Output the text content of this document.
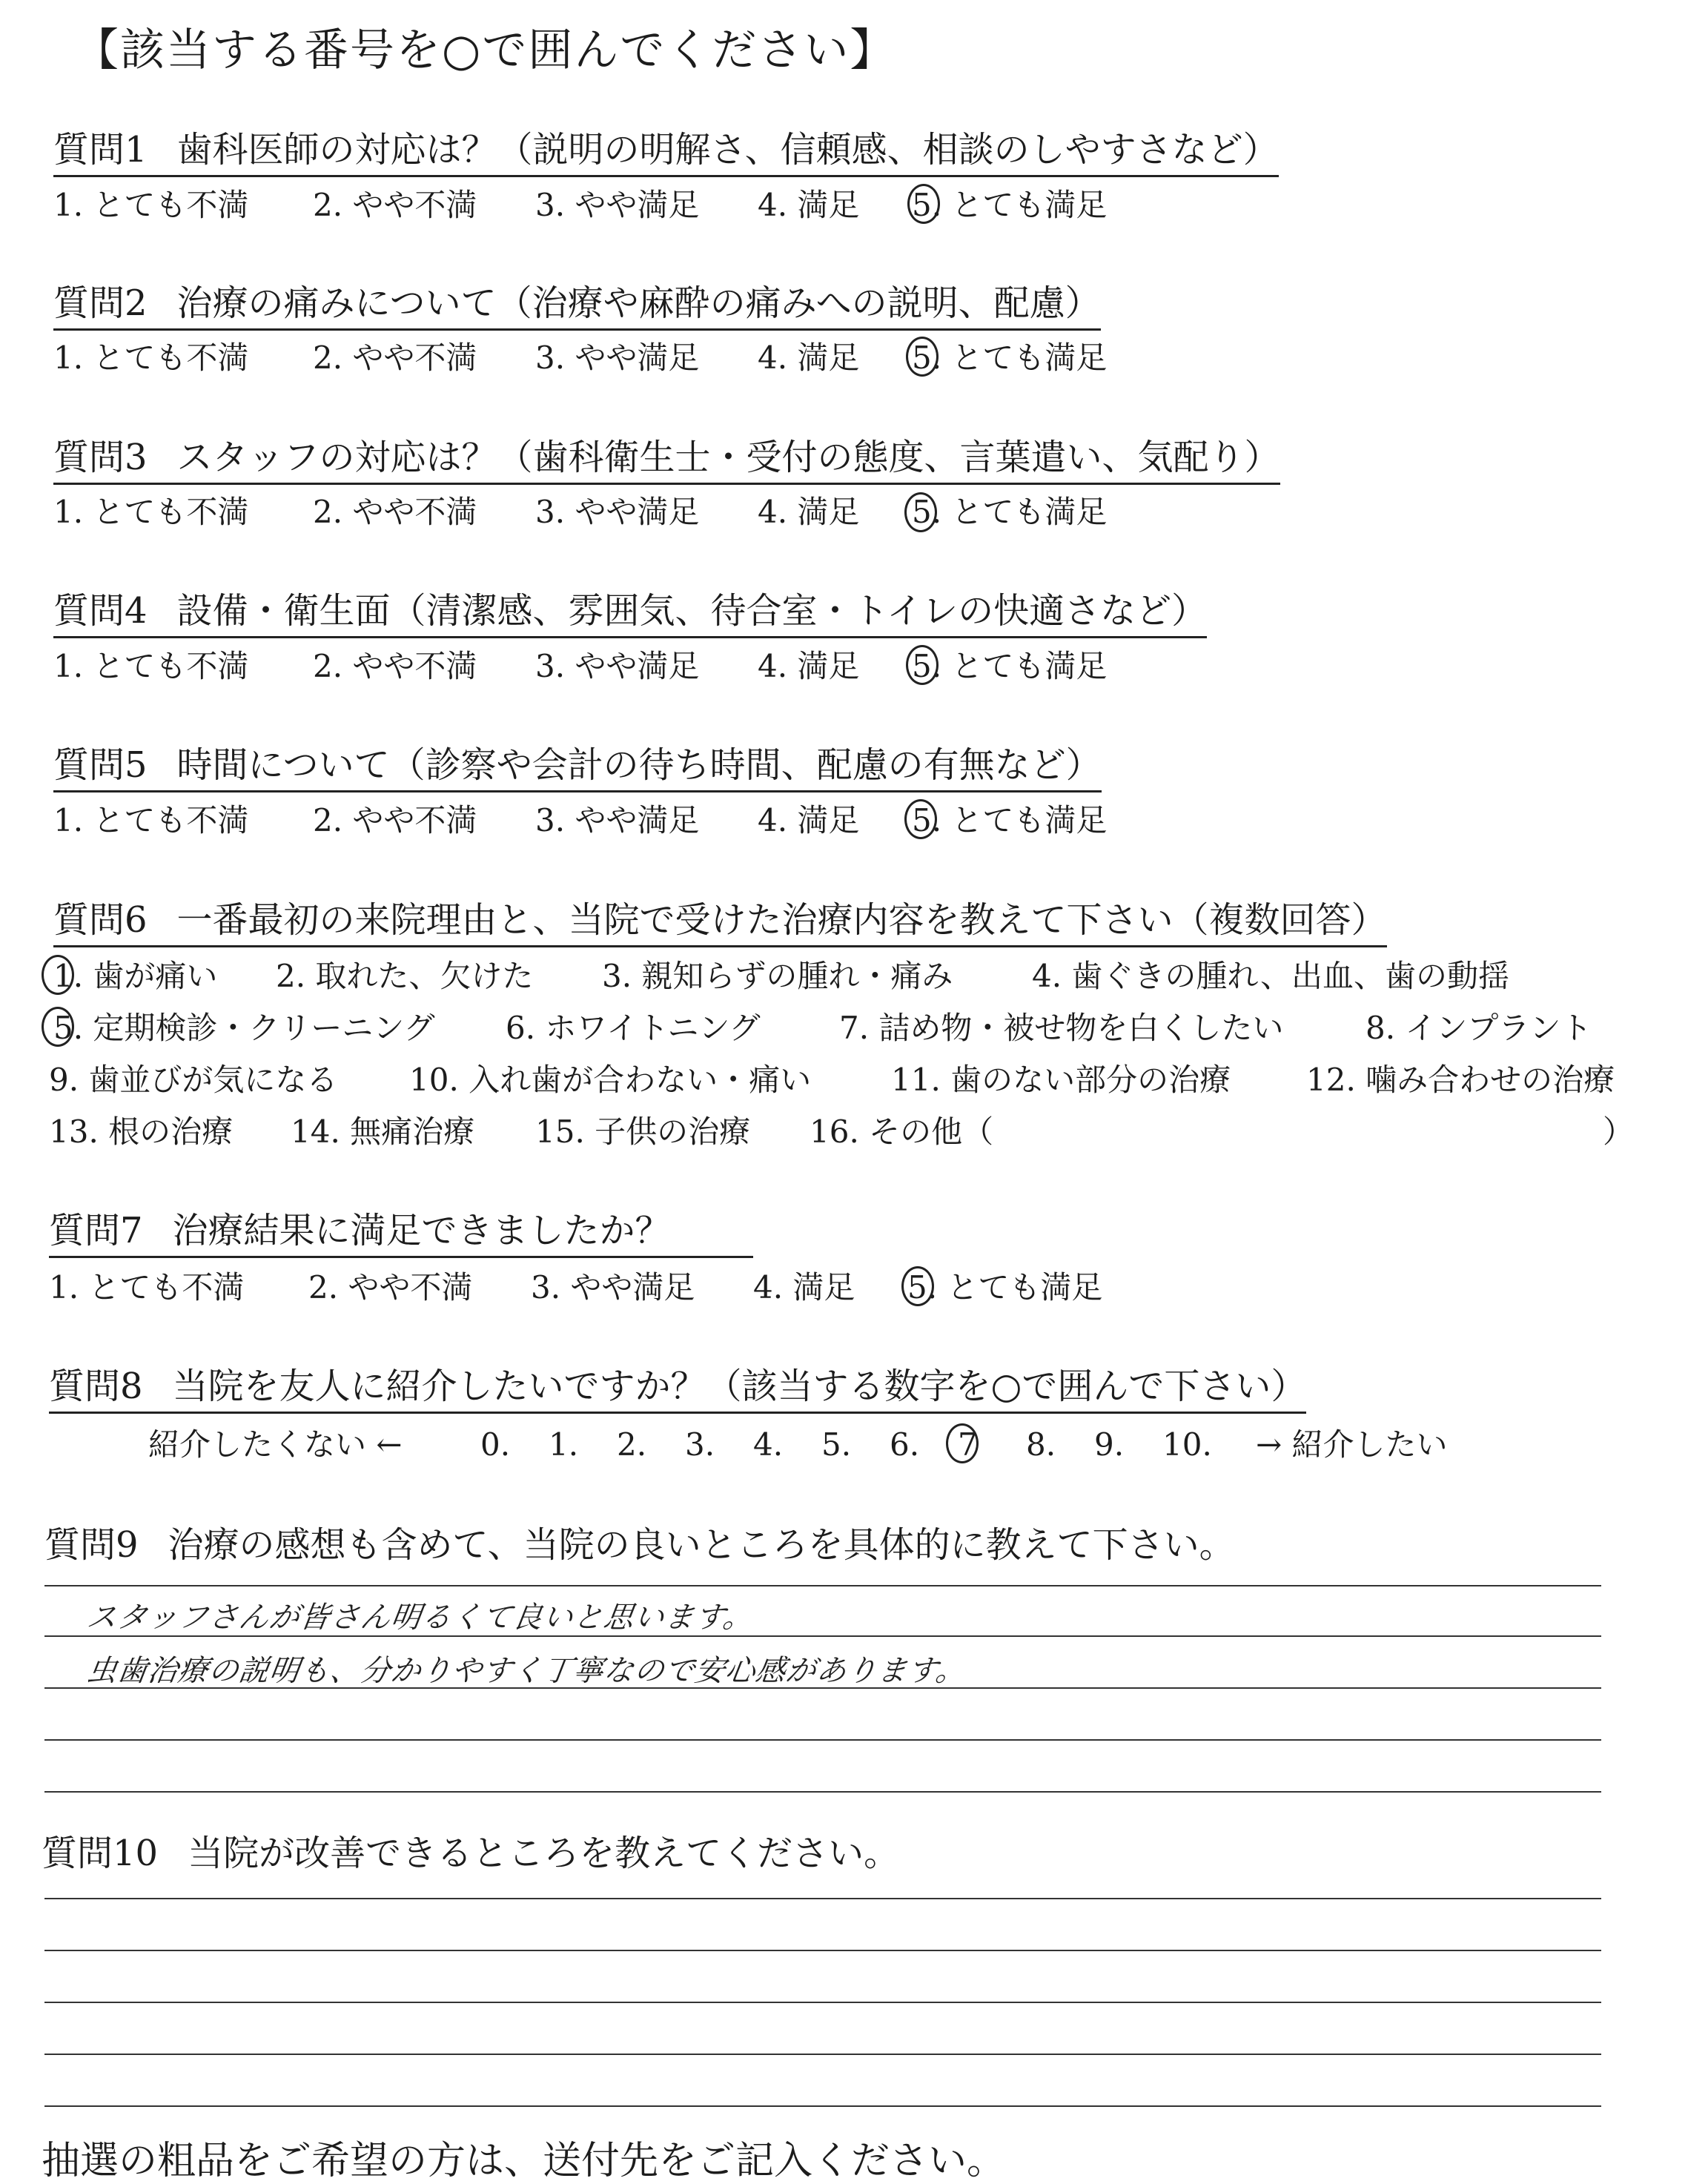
【該当する番号を○で囲んでください】
質問1 歯科医師の対応は？（説明の明解さ、信頼感、相談のしやすさなど）
1. とても不満 2. やや不満 3. やや満足 4. 満足 5. とても満足
質問2 治療の痛みについて（治療や麻酔の痛みへの説明、配慮）
1. とても不満 2. やや不満 3. やや満足 4. 満足 5. とても満足
質問3 スタッフの対応は？（歯科衛生士・受付の態度、言葉遣い、気配り）
1. とても不満 2. やや不満 3. やや満足 4. 満足 5. とても満足
質問4 設備・衛生面（清潔感、雰囲気、待合室・トイレの快適さなど）
1. とても不満 2. やや不満 3. やや満足 4. 満足 5. とても満足
質問5 時間について（診察や会計の待ち時間、配慮の有無など）
1. とても不満 2. やや不満 3. やや満足 4. 満足 5. とても満足
質問6 一番最初の来院理由と、当院で受けた治療内容を教えて下さい（複数回答）
1. 歯が痛い 2. 取れた、欠けた 3. 親知らずの腫れ・痛み	4. 歯ぐきの腫れ、出血、歯の動揺
5. 定期検診・クリーニング 6. ホワイトニング	7. 詰め物・被せ物を白くしたい	8. インプラント
9. 歯並びが気になる 10. 入れ歯が合わない・痛い	11. 歯のない部分の治療 12. 噛み合わせの治療
13. 根の治療 14. 無痛治療 15. 子供の治療 16. その他（	）
質問7 治療結果に満足できましたか？
1. とても不満 2. やや不満 3. やや満足 4. 満足 5. とても満足
質問8 当院を友人に紹介したいですか？（該当する数字を○で囲んで下さい）
紹介したくない ←	0. 1. 2. 3. 4. 5. 6. 7 8. 9. 10. → 紹介したい
質問9 治療の感想も含めて、当院の良いところを具体的に教えて下さい。
スタッフさんが皆さん明るくて良いと思います。
虫歯治療の説明も、分かりやすく丁寧なので安心感があります。
質問10 当院が改善できるところを教えてください。
抽選の粗品をご希望の方は、送付先をご記入ください。
